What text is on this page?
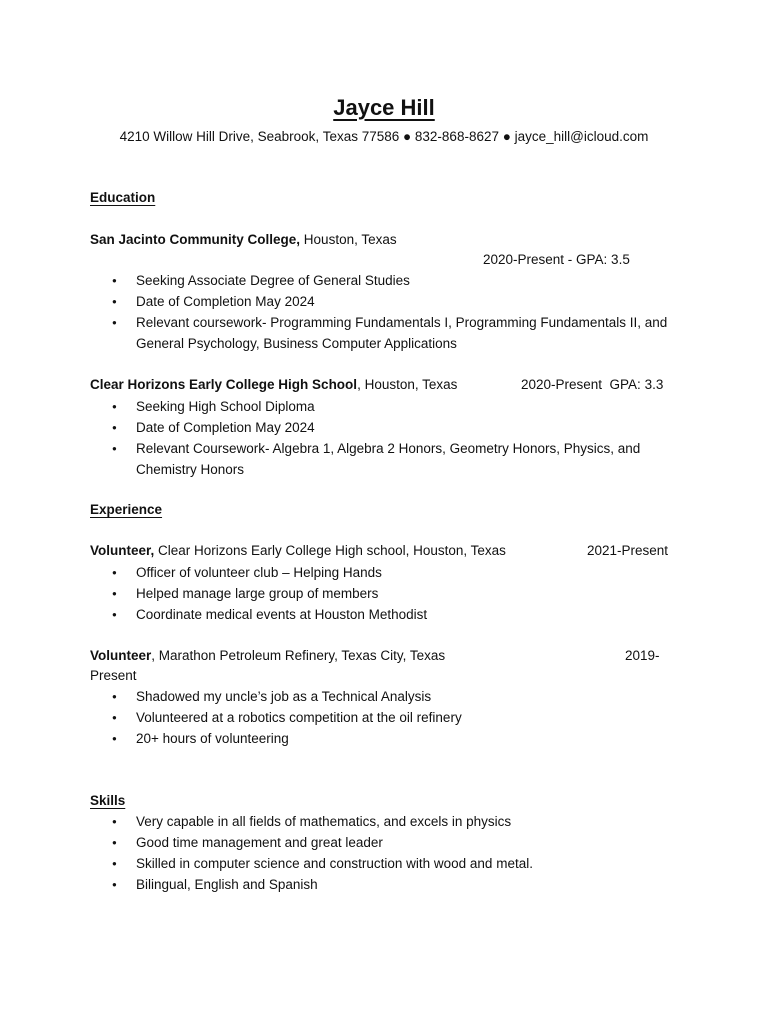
Jayce Hill
4210 Willow Hill Drive, Seabrook, Texas 77586 ● 832-868-8627 ● jayce_hill@icloud.com
Education
San Jacinto Community College, Houston, Texas
2020-Present - GPA: 3.5
● Seeking Associate Degree of General Studies
● Date of Completion May 2024
● Relevant coursework- Programming Fundamentals I, Programming Fundamentals II, and General Psychology, Business Computer Applications
Clear Horizons Early College High School, Houston, Texas	2020-Present  GPA: 3.3
● Seeking High School Diploma
● Date of Completion May 2024
● Relevant Coursework- Algebra 1, Algebra 2 Honors, Geometry Honors, Physics, and Chemistry Honors
Experience
Volunteer, Clear Horizons Early College High school, Houston, Texas	2021-Present
● Officer of volunteer club – Helping Hands
● Helped manage large group of members
● Coordinate medical events at Houston Methodist
Volunteer, Marathon Petroleum Refinery, Texas City, Texas	2019-
Present
● Shadowed my uncle’s job as a Technical Analysis
● Volunteered at a robotics competition at the oil refinery
● 20+ hours of volunteering
Skills
● Very capable in all fields of mathematics, and excels in physics
● Good time management and great leader
● Skilled in computer science and construction with wood and metal.
● Bilingual, English and Spanish
